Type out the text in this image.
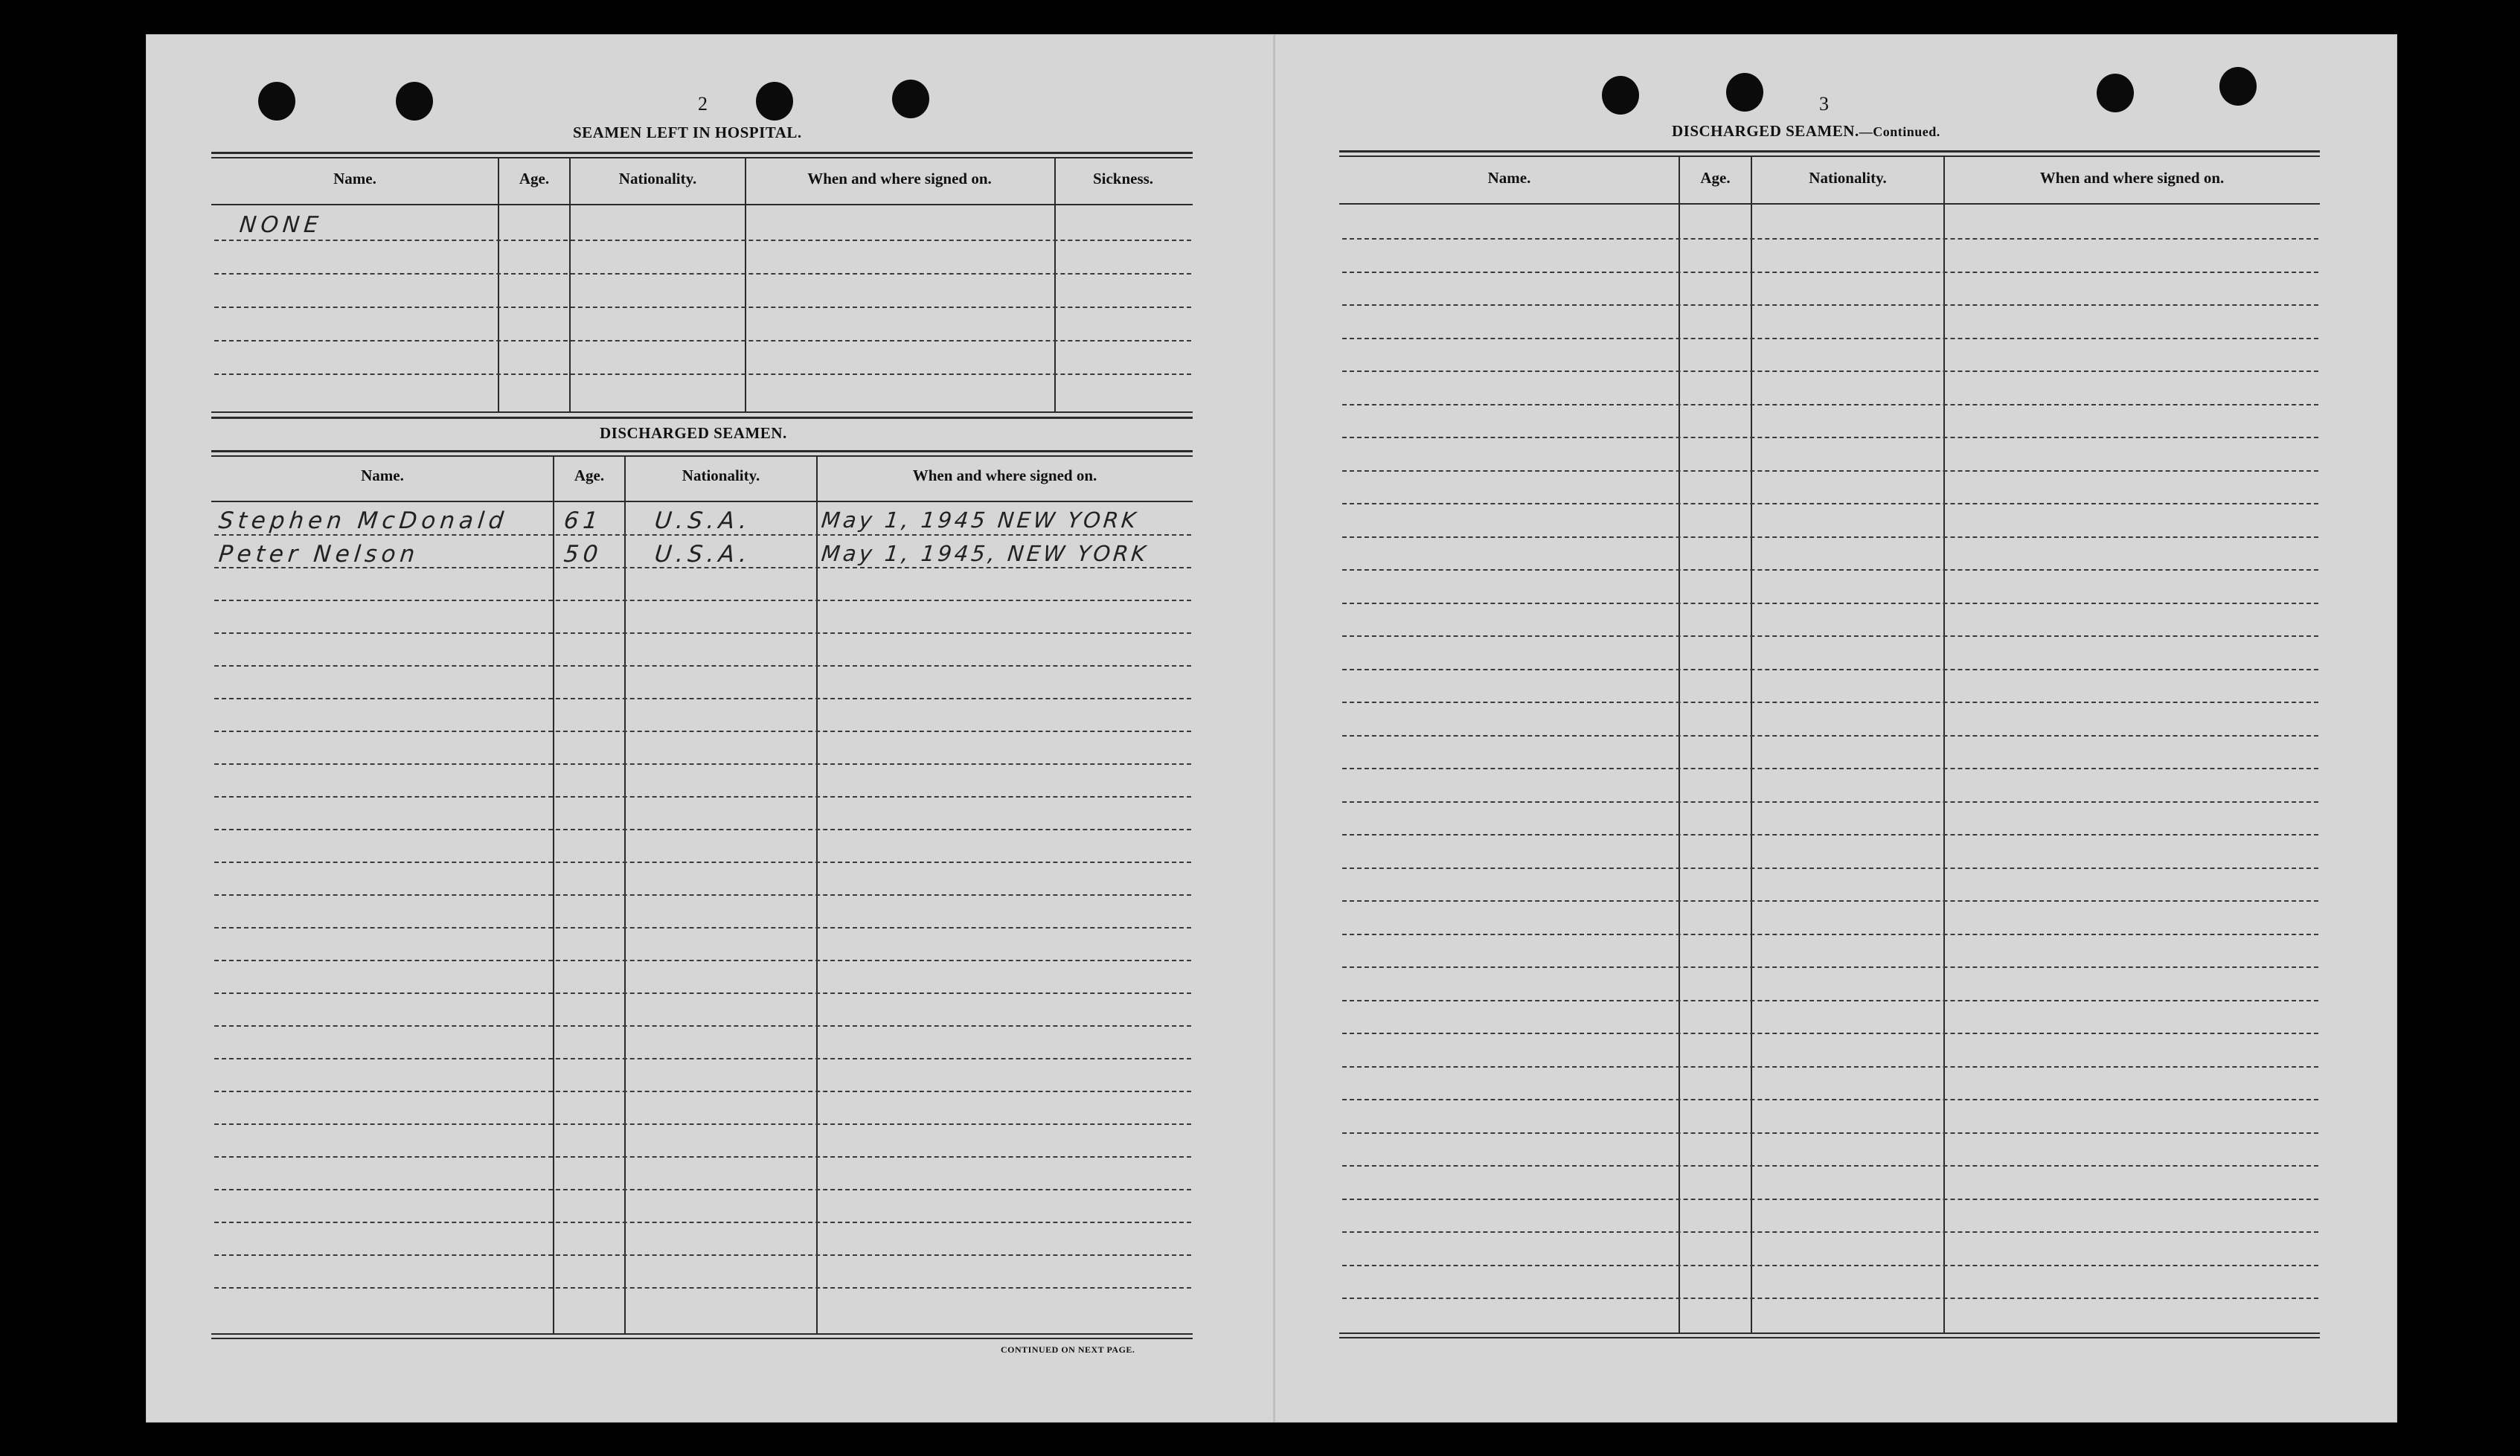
2
SEAMEN LEFT IN HOSPITAL.
Name.	Age.	Nationality.	When and where signed on.	Sickness.
NONE
DISCHARGED SEAMEN.
Name.	Age.	Nationality.	When and where signed on.
Stephen McDonald 61 U.S.A.	May 1, 1945 NEW YORK
Peter Nelson	50 U.S.A.	May 1, 1945, NEW YORK
CONTINUED ON NEXT PAGE.
3
DISCHARGED SEAMEN.—Continued.
Name.	Age.	Nationality.	When and where signed on.
